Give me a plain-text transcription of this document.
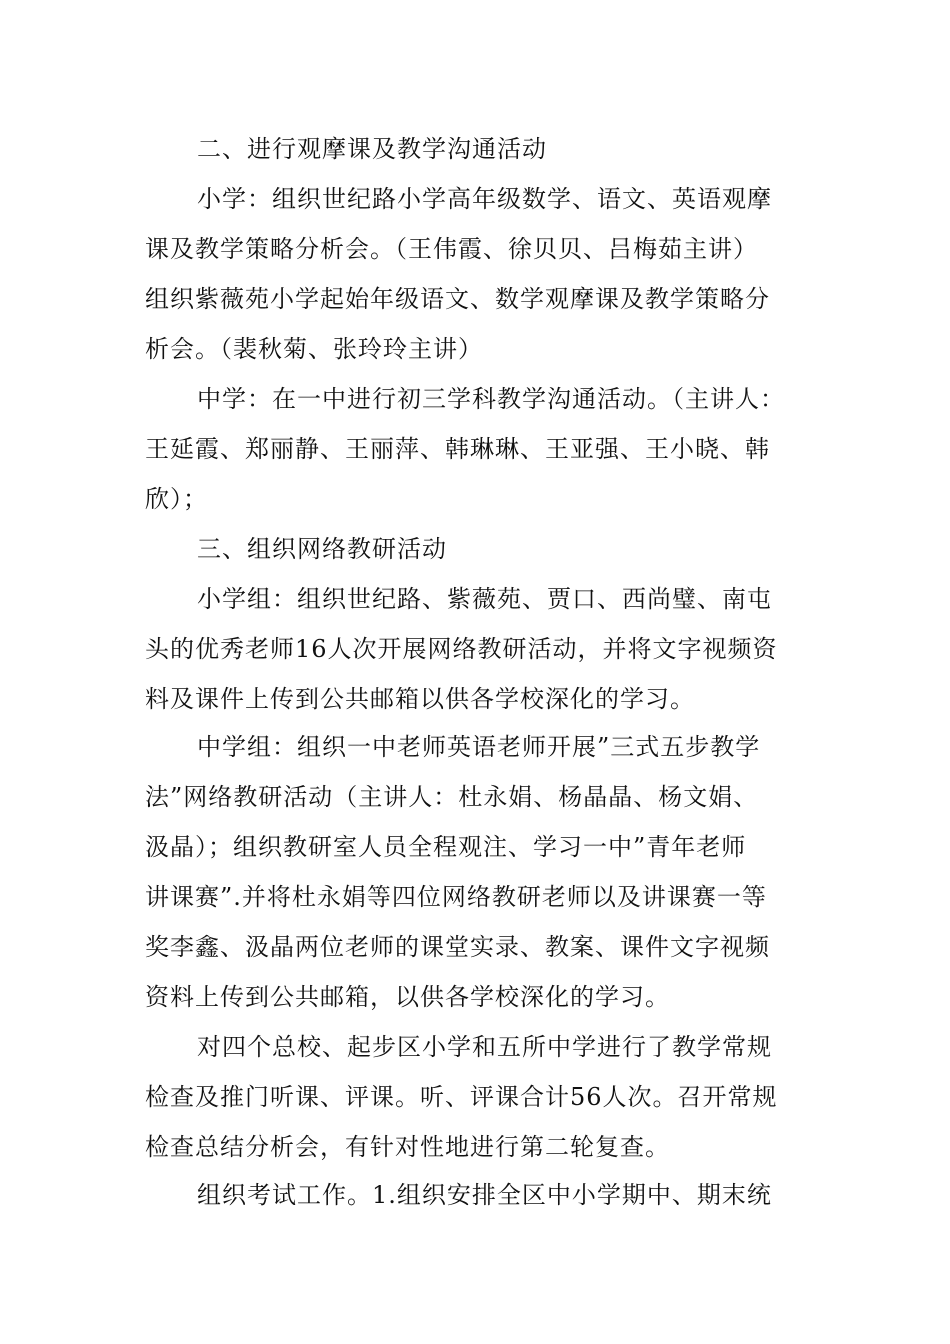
二、进行观摩课及教学沟通活动

小学：组织世纪路小学高年级数学、语文、英语观摩
课及教学策略分析会。（王伟霞、徐贝贝、吕梅茹主讲）
组织紫薇苑小学起始年级语文、数学观摩课及教学策略分
析会。（裴秋菊、张玲玲主讲）

中学：在一中进行初三学科教学沟通活动。（主讲人：
王延霞、郑丽静、王丽萍、韩琳琳、王亚强、王小晓、韩
欣）；

三、组织网络教研活动

小学组：组织世纪路、紫薇苑、贾口、西尚璧、南屯
头的优秀老师16人次开展网络教研活动，并将文字视频资
料及课件上传到公共邮箱以供各学校深化的学习。

中学组：组织一中老师英语老师开展”三式五步教学
法”网络教研活动（主讲人：杜永娟、杨晶晶、杨文娟、
汲晶）；组织教研室人员全程观注、学习一中”青年老师
讲课赛”.并将杜永娟等四位网络教研老师以及讲课赛一等
奖李鑫、汲晶两位老师的课堂实录、教案、课件文字视频
资料上传到公共邮箱，以供各学校深化的学习。

对四个总校、起步区小学和五所中学进行了教学常规
检查及推门听课、评课。听、评课合计56人次。召开常规
检查总结分析会，有针对性地进行第二轮复查。

组织考试工作。1.组织安排全区中小学期中、期末统
